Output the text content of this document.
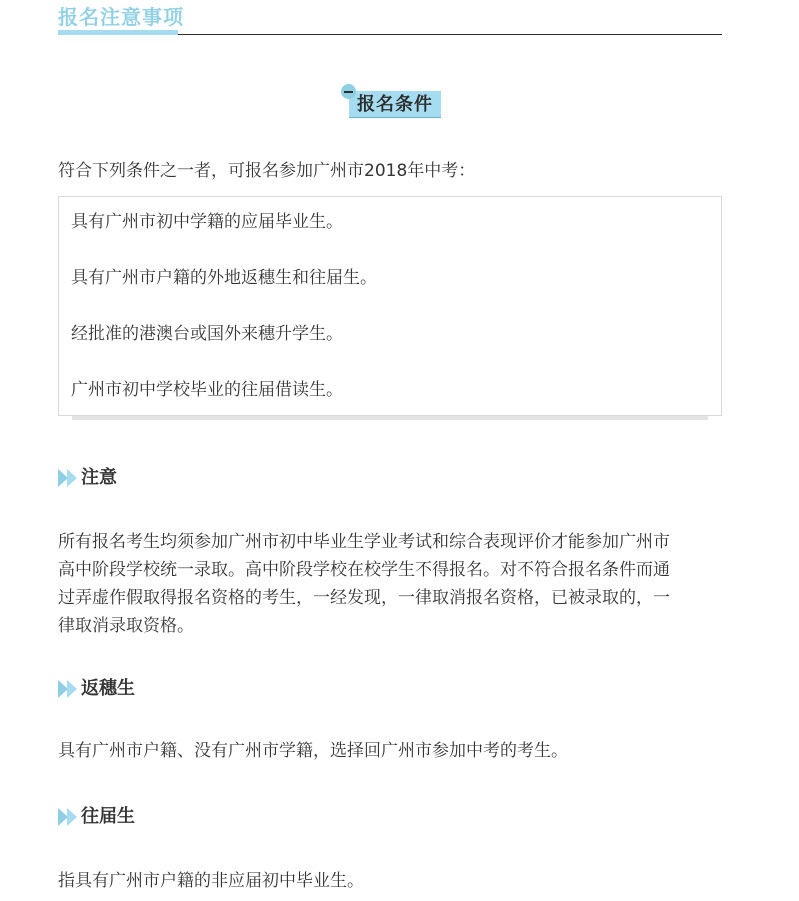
报名注意事项
报名条件
符合下列条件之一者，可报名参加广州市2018年中考：
具有广州市初中学籍的应届毕业生。
具有广州市户籍的外地返穗生和往届生。
经批准的港澳台或国外来穗升学生。
广州市初中学校毕业的往届借读生。
注意
所有报名考生均须参加广州市初中毕业生学业考试和综合表现评价才能参加广州市
高中阶段学校统一录取。高中阶段学校在校学生不得报名。对不符合报名条件而通
过弄虚作假取得报名资格的考生，一经发现，一律取消报名资格，已被录取的，一
律取消录取资格。
返穗生
具有广州市户籍、没有广州市学籍，选择回广州市参加中考的考生。
往届生
指具有广州市户籍的非应届初中毕业生。
